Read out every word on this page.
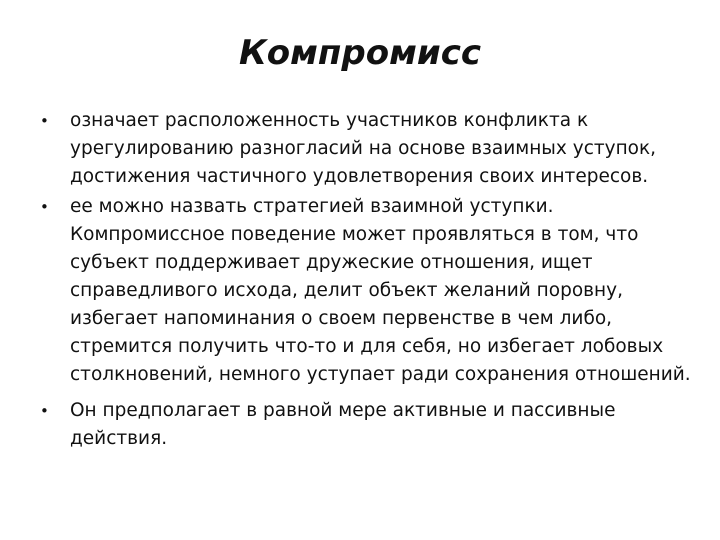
Компромисс
• означает расположенность участников конфликта к урегулированию разногласий на основе взаимных уступок, достижения частичного удовлетворения своих интересов.
• ее можно назвать стратегией взаимной уступки. Компромиссное поведение может проявляться в том, что субъект поддерживает дружеские отношения, ищет справедливого исхода, делит объект желаний поровну, избегает напоминания о своем первенстве в чем либо, стремится получить что-то и для себя, но избегает лобовых столкновений, немного уступает ради сохранения отношений.
• Он предполагает в равной мере активные и пассивные действия.
